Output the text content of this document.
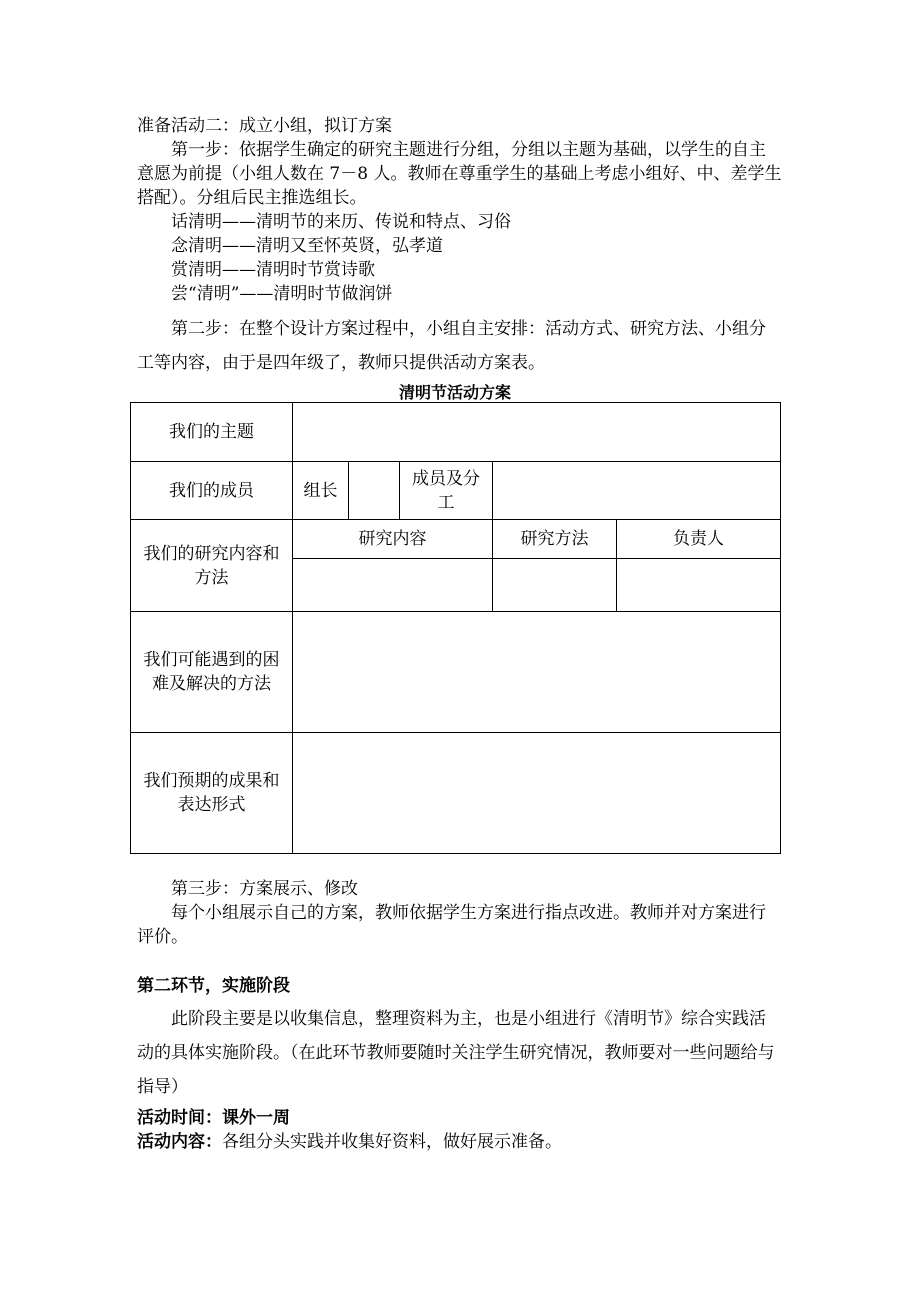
准备活动二：成立小组，拟订方案

第一步：依据学生确定的研究主题进行分组，分组以主题为基础，以学生的自主意愿为前提（小组人数在 7－8 人。教师在尊重学生的基础上考虑小组好、中、差学生搭配）。分组后民主推选组长。

话清明——清明节的来历、传说和特点、习俗

念清明——清明又至怀英贤，弘孝道

赏清明——清明时节赏诗歌

尝“清明”——清明时节做润饼

第二步：在整个设计方案过程中，小组自主安排：活动方式、研究方法、小组分工等内容，由于是四年级了，教师只提供活动方案表。

清明节活动方案
我们的主题					
我们的成员	组长		成员及分工		
我们的研究内容和方法	研究内容			研究方法	负责人

我们可能遇到的困难及解决的方法					
我们预期的成果和表达形式					

第三步：方案展示、修改

每个小组展示自己的方案，教师依据学生方案进行指点改进。教师并对方案进行评价。

第二环节，实施阶段

此阶段主要是以收集信息，整理资料为主，也是小组进行《清明节》综合实践活动的具体实施阶段。（在此环节教师要随时关注学生研究情况，教师要对一些问题给与指导）

活动时间：课外一周

活动内容：各组分头实践并收集好资料，做好展示准备。
